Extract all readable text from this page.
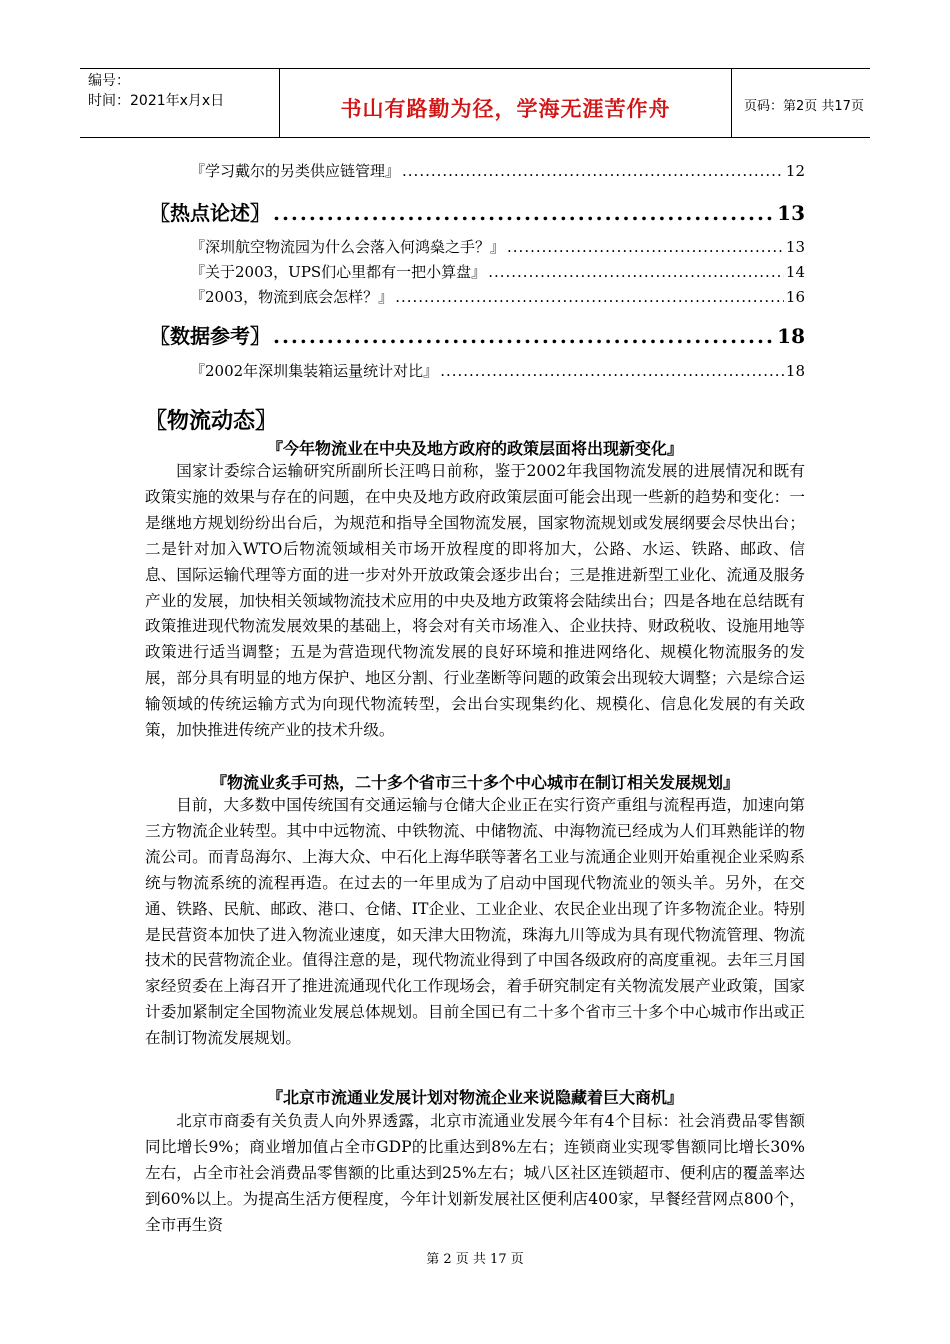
编号：
时间：2021年x月x日	书山有路勤为径，学海无涯苦作舟	页码：第2页 共17页
『学习戴尔的另类供应链管理』 .....	12
〖热点论述〗 .....	13
『深圳航空物流园为什么会落入何鸿燊之手？』 .....	13
『关于2003，UPS们心里都有一把小算盘』 .....	14
『2003，物流到底会怎样？』 .....	16
〖数据参考〗 .....	18
『2002年深圳集装箱运量统计对比』 .....	18
〖物流动态〗
『今年物流业在中央及地方政府的政策层面将出现新变化』

国家计委综合运输研究所副所长汪鸣日前称，鉴于2002年我国物流发展的进展情况和既有政策实施的效果与存在的问题，在中央及地方政府政策层面可能会出现一些新的趋势和变化：一是继地方规划纷纷出台后，为规范和指导全国物流发展，国家物流规划或发展纲要会尽快出台；二是针对加入WTO后物流领域相关市场开放程度的即将加大，公路、水运、铁路、邮政、信息、国际运输代理等方面的进一步对外开放政策会逐步出台；三是推进新型工业化、流通及服务产业的发展，加快相关领域物流技术应用的中央及地方政策将会陆续出台；四是各地在总结既有政策推进现代物流发展效果的基础上，将会对有关市场准入、企业扶持、财政税收、设施用地等政策进行适当调整；五是为营造现代物流发展的良好环境和推进网络化、规模化物流服务的发展，部分具有明显的地方保护、地区分割、行业垄断等问题的政策会出现较大调整；六是综合运输领域的传统运输方式为向现代物流转型，会出台实现集约化、规模化、信息化发展的有关政策，加快推进传统产业的技术升级。

『物流业炙手可热，二十多个省市三十多个中心城市在制订相关发展规划』

目前，大多数中国传统国有交通运输与仓储大企业正在实行资产重组与流程再造，加速向第三方物流企业转型。其中中远物流、中铁物流、中储物流、中海物流已经成为人们耳熟能详的物流公司。而青岛海尔、上海大众、中石化上海华联等著名工业与流通企业则开始重视企业采购系统与物流系统的流程再造。在过去的一年里成为了启动中国现代物流业的领头羊。另外，在交通、铁路、民航、邮政、港口、仓储、IT企业、工业企业、农民企业出现了许多物流企业。特别是民营资本加快了进入物流业速度，如天津大田物流，珠海九川等成为具有现代物流管理、物流技术的民营物流企业。值得注意的是，现代物流业得到了中国各级政府的高度重视。去年三月国家经贸委在上海召开了推进流通现代化工作现场会，着手研究制定有关物流发展产业政策，国家计委加紧制定全国物流业发展总体规划。目前全国已有二十多个省市三十多个中心城市作出或正在制订物流发展规划。

『北京市流通业发展计划对物流企业来说隐藏着巨大商机』

北京市商委有关负责人向外界透露，北京市流通业发展今年有4个目标：社会消费品零售额同比增长9%；商业增加值占全市GDP的比重达到8%左右；连锁商业实现零售额同比增长30%左右，占全市社会消费品零售额的比重达到25%左右；城八区社区连锁超市、便利店的覆盖率达到60%以上。为提高生活方便程度，今年计划新发展社区便利店400家，早餐经营网点800个，全市再生资

第 2 页 共 17 页
